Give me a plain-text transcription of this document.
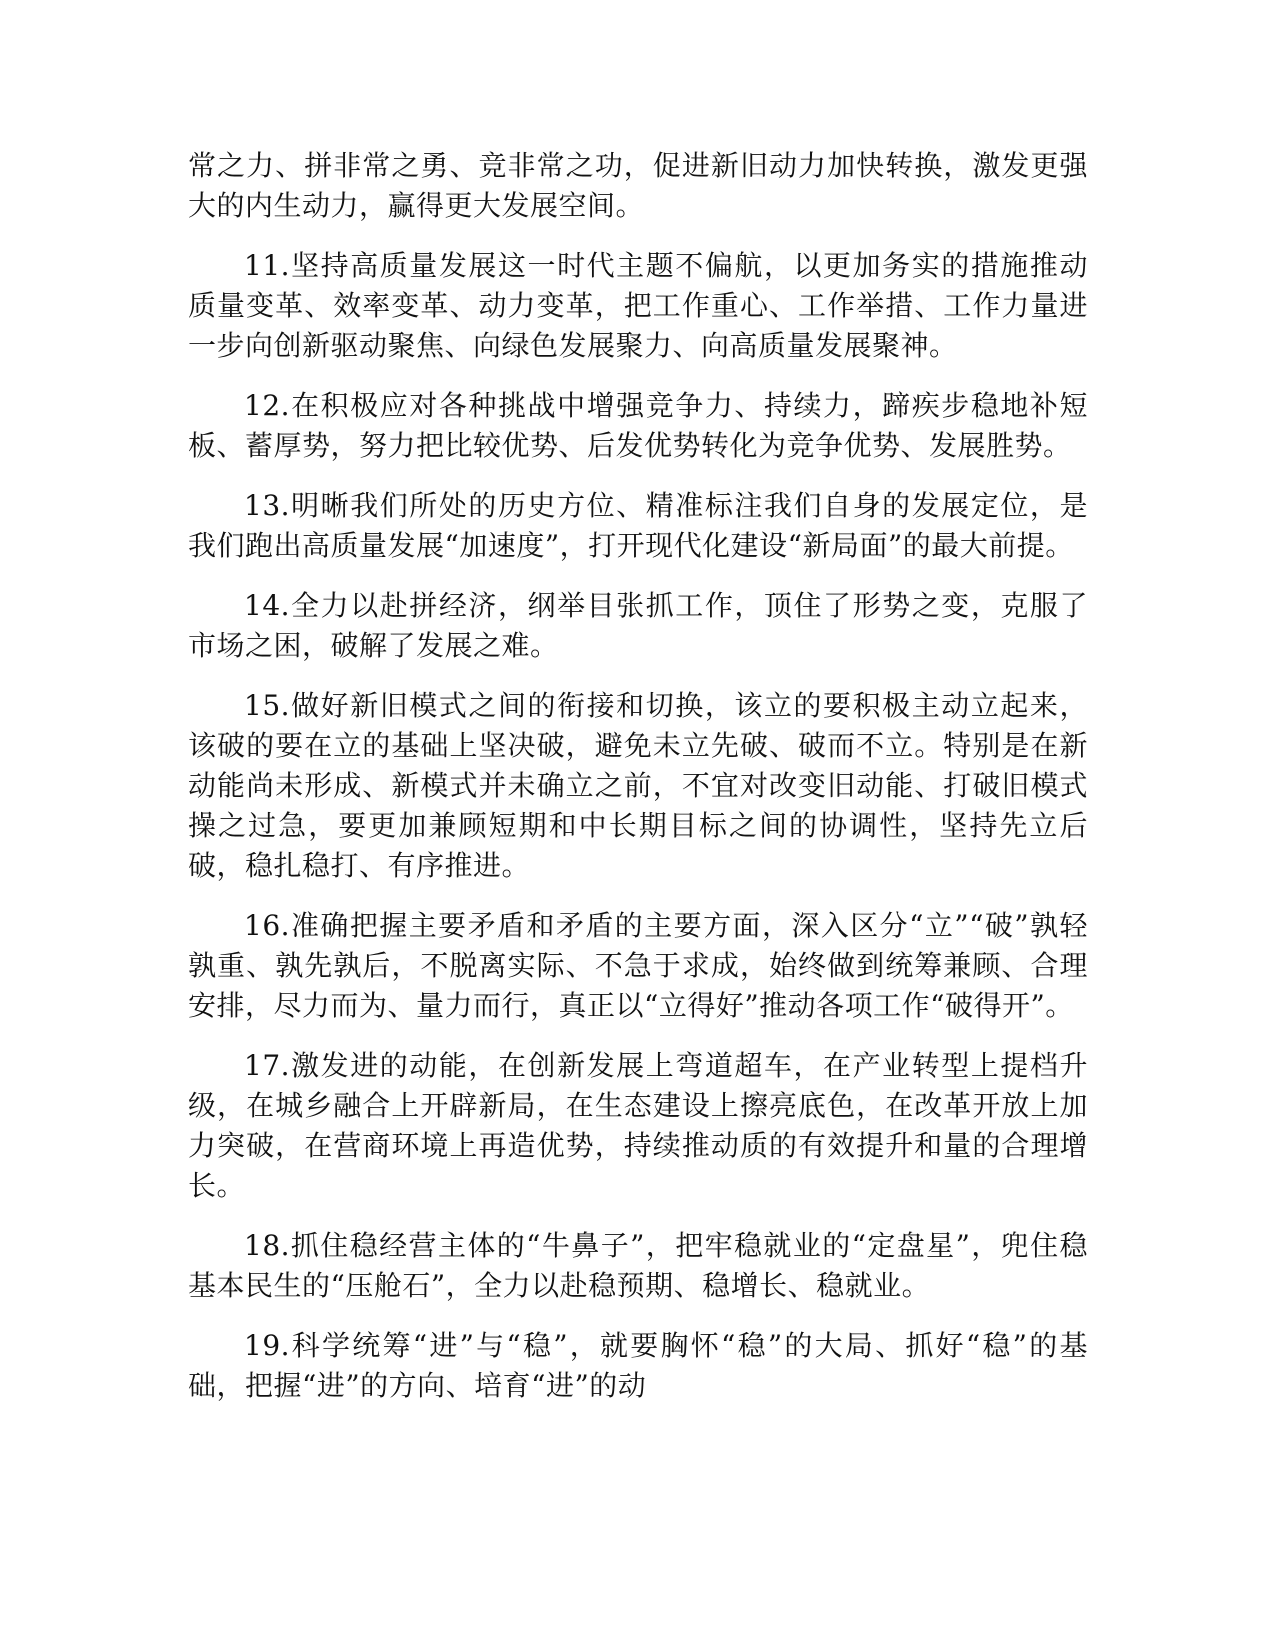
常之力、拼非常之勇、竞非常之功，促进新旧动力加快转换，激发更强大的内生动力，赢得更大发展空间。

11.坚持高质量发展这一时代主题不偏航，以更加务实的措施推动质量变革、效率变革、动力变革，把工作重心、工作举措、工作力量进一步向创新驱动聚焦、向绿色发展聚力、向高质量发展聚神。

12.在积极应对各种挑战中增强竞争力、持续力，蹄疾步稳地补短板、蓄厚势，努力把比较优势、后发优势转化为竞争优势、发展胜势。

13.明晰我们所处的历史方位、精准标注我们自身的发展定位，是我们跑出高质量发展“加速度”，打开现代化建设“新局面”的最大前提。

14.全力以赴拼经济，纲举目张抓工作，顶住了形势之变，克服了市场之困，破解了发展之难。

15.做好新旧模式之间的衔接和切换，该立的要积极主动立起来，该破的要在立的基础上坚决破，避免未立先破、破而不立。特别是在新动能尚未形成、新模式并未确立之前，不宜对改变旧动能、打破旧模式操之过急，要更加兼顾短期和中长期目标之间的协调性，坚持先立后破，稳扎稳打、有序推进。

16.准确把握主要矛盾和矛盾的主要方面，深入区分“立”“破”孰轻孰重、孰先孰后，不脱离实际、不急于求成，始终做到统筹兼顾、合理安排，尽力而为、量力而行，真正以“立得好”推动各项工作“破得开”。

17.激发进的动能，在创新发展上弯道超车，在产业转型上提档升级，在城乡融合上开辟新局，在生态建设上擦亮底色，在改革开放上加力突破，在营商环境上再造优势，持续推动质的有效提升和量的合理增长。

18.抓住稳经营主体的“牛鼻子”，把牢稳就业的“定盘星”，兜住稳基本民生的“压舱石”，全力以赴稳预期、稳增长、稳就业。

19.科学统筹“进”与“稳”，就要胸怀“稳”的大局、抓好“稳”的基础，把握“进”的方向、培育“进”的动
